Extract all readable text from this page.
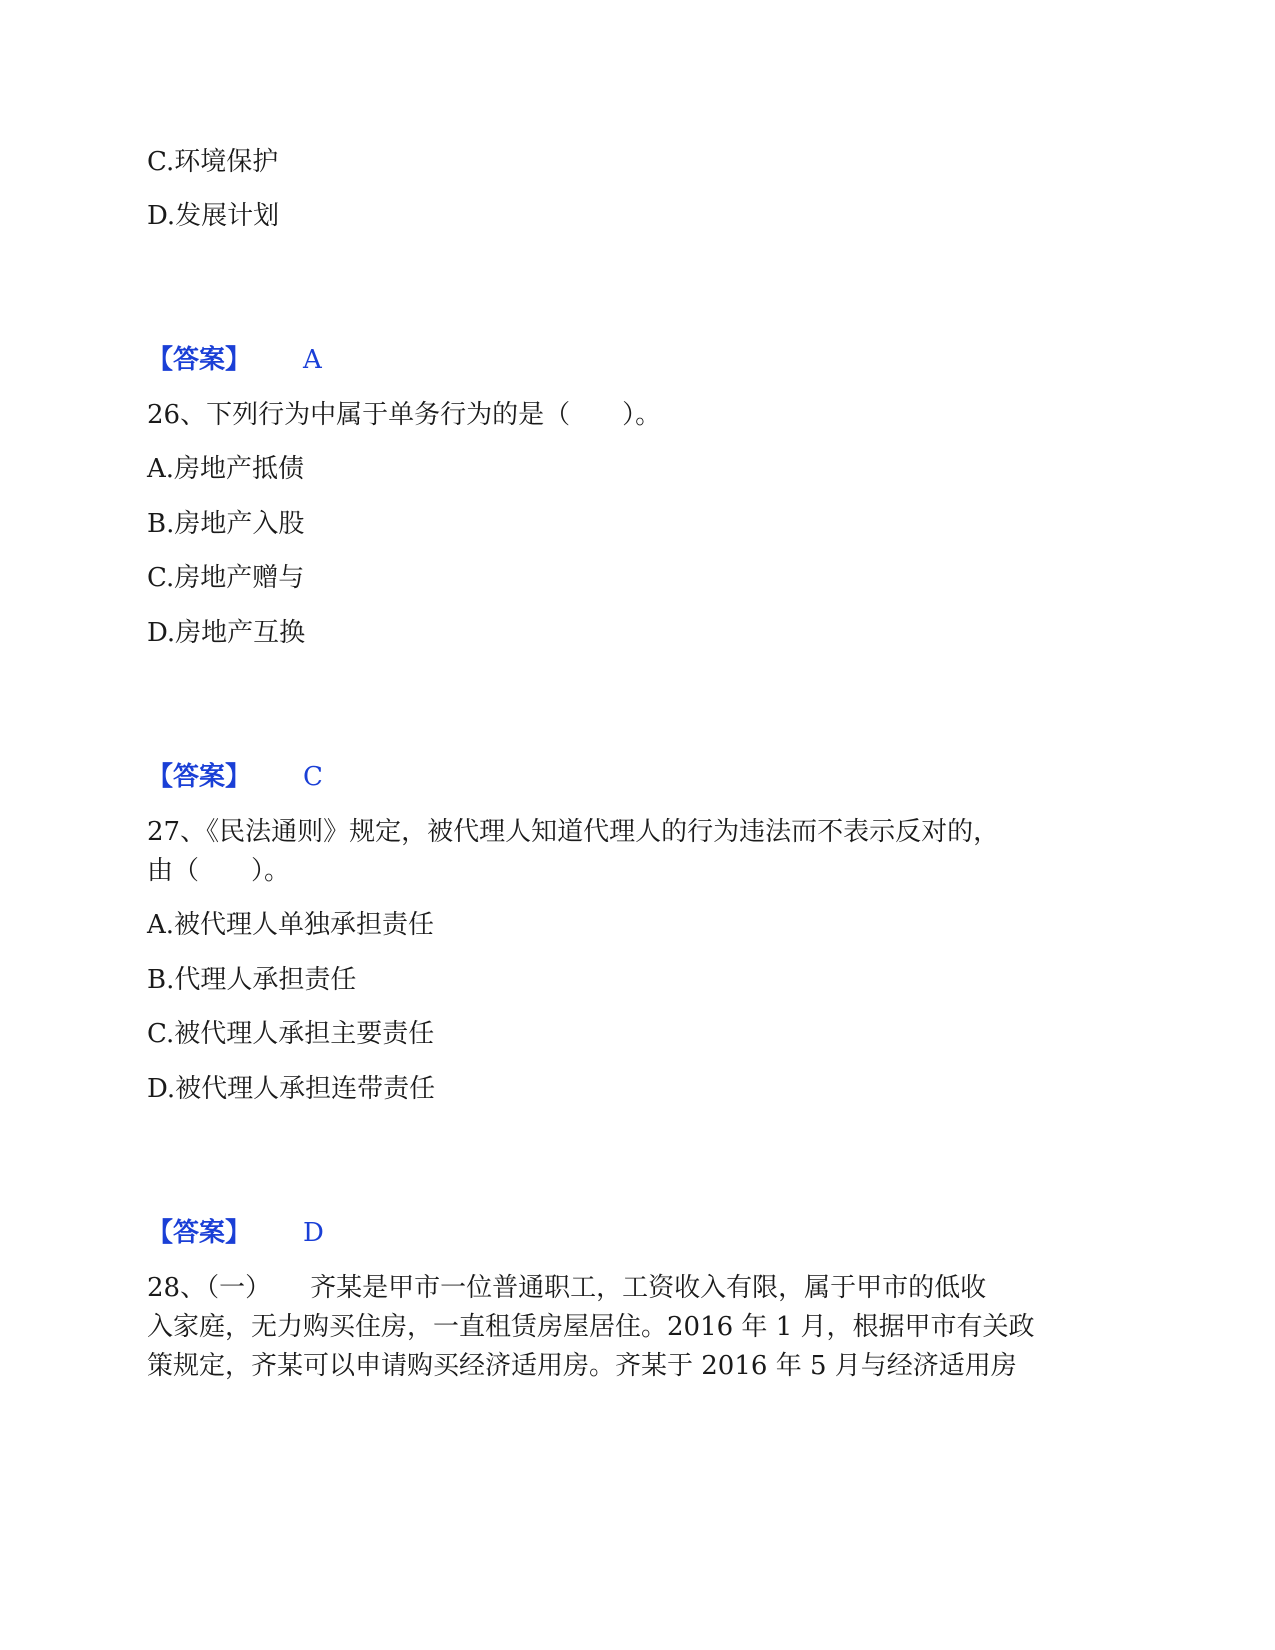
C.环境保护
D.发展计划
【答案】 A
26、下列行为中属于单务行为的是（　　）。
A.房地产抵债
B.房地产入股
C.房地产赠与
D.房地产互换
【答案】 C
27、《民法通则》规定，被代理人知道代理人的行为违法而不表示反对的，
由（　　）。
A.被代理人单独承担责任
B.代理人承担责任
C.被代理人承担主要责任
D.被代理人承担连带责任
【答案】 D
28、（一）　　齐某是甲市一位普通职工，工资收入有限，属于甲市的低收
入家庭，无力购买住房，一直租赁房屋居住。2016 年 1 月，根据甲市有关政
策规定，齐某可以申请购买经济适用房。齐某于 2016 年 5 月与经济适用房
